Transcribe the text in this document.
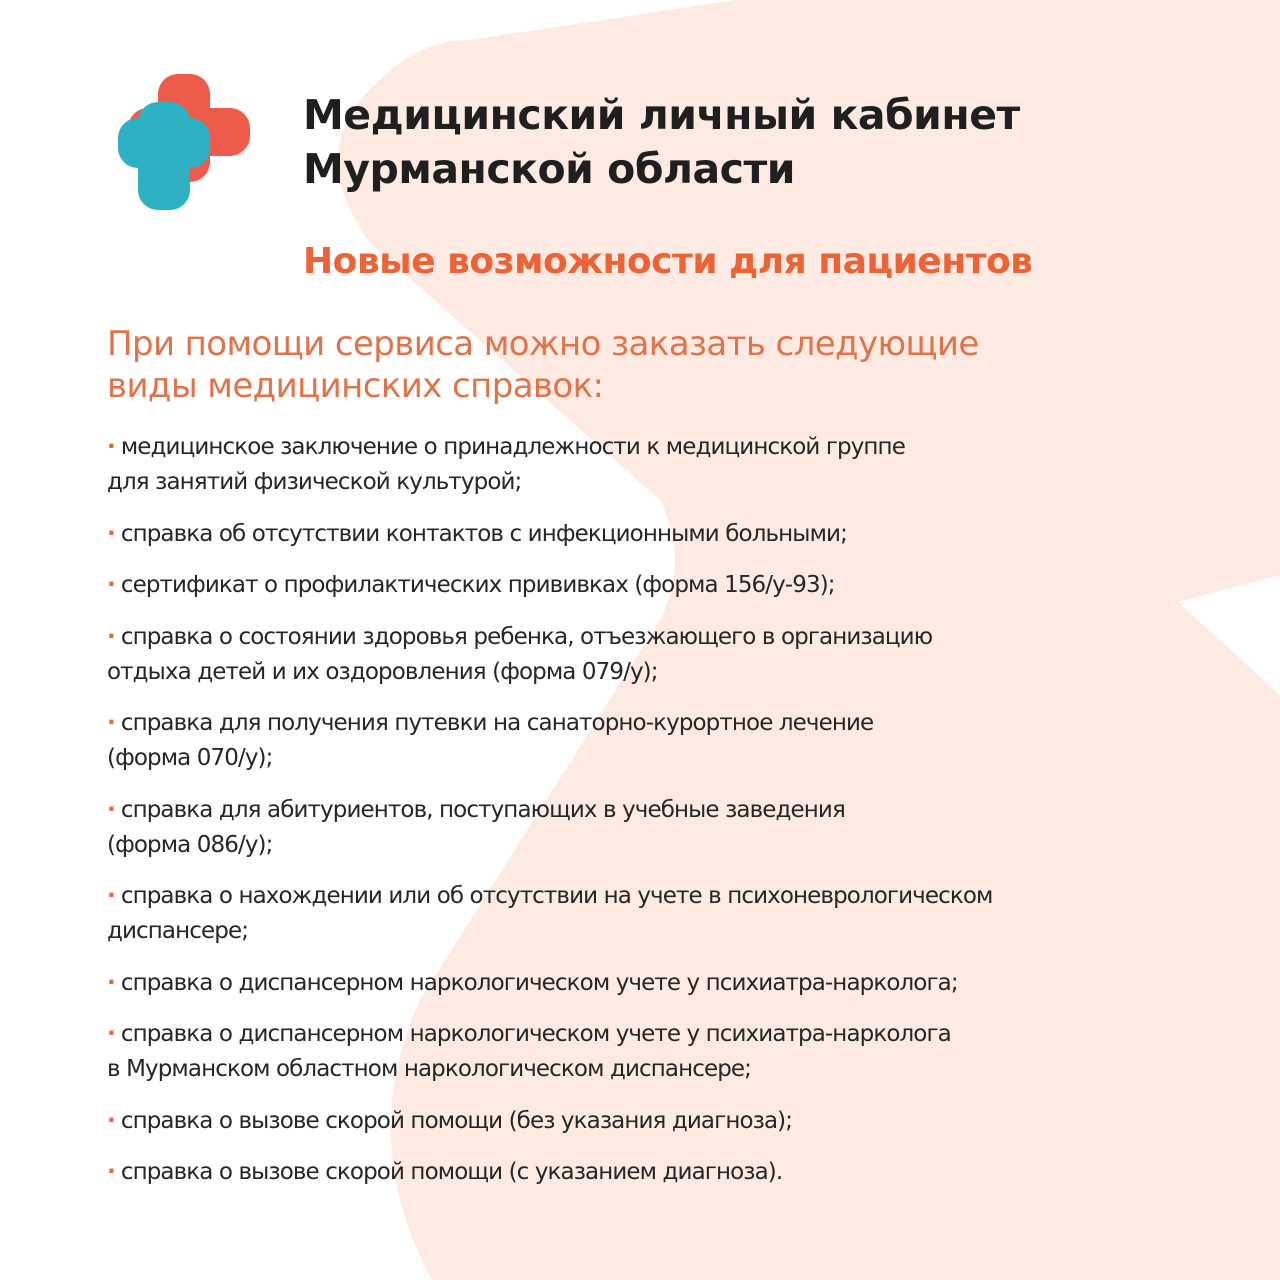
Медицинский личный кабинет
Мурманской области
Новые возможности для пациентов

При помощи сервиса можно заказать следующие
виды медицинских справок:

· медицинское заключение о принадлежности к медицинской группе
для занятий физической культурой;
· справка об отсутствии контактов с инфекционными больными;
· сертификат о профилактических прививках (форма 156/у-93);
· справка о состоянии здоровья ребенка, отъезжающего в организацию
отдыха детей и их оздоровления (форма 079/у);
· справка для получения путевки на санаторно-курортное лечение
(форма 070/у);
· справка для абитуриентов, поступающих в учебные заведения
(форма 086/у);
· справка о нахождении или об отсутствии на учете в психоневрологическом
диспансере;
· справка о диспансерном наркологическом учете у психиатра-нарколога;
· справка о диспансерном наркологическом учете у психиатра-нарколога
в Мурманском областном наркологическом диспансере;
· справка о вызове скорой помощи (без указания диагноза);
· справка о вызове скорой помощи (с указанием диагноза).
